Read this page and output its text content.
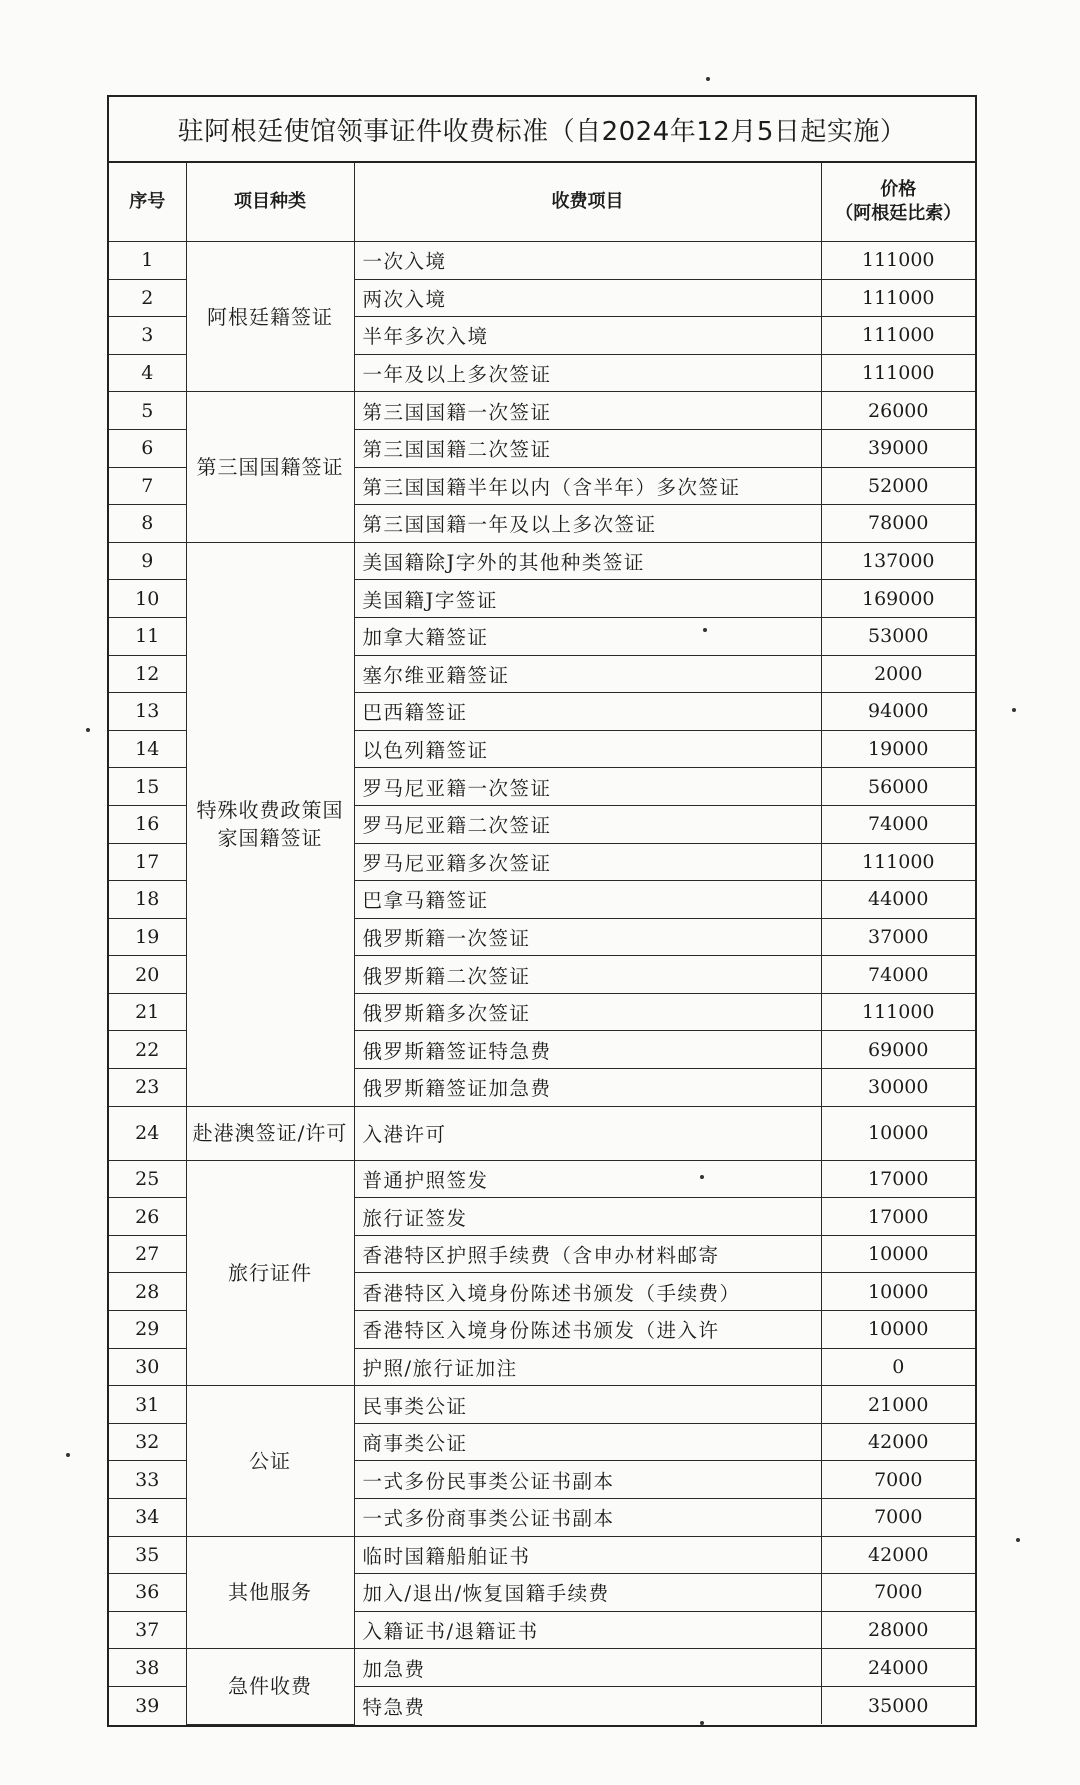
驻阿根廷使馆领事证件收费标准（自2024年12月5日起实施）
序号	项目种类	收费项目	价格
（阿根廷比索）

1	阿根廷籍签证	一次入境	111000
2		两次入境	111000
3		半年多次入境	111000
4		一年及以上多次签证	111000
5	第三国国籍签证	第三国国籍一次签证	26000
6		第三国国籍二次签证	39000
7		第三国国籍半年以内（含半年）多次签证	52000
8		第三国国籍一年及以上多次签证	78000
9	特殊收费政策国家国籍签证	美国籍除J字外的其他种类签证	137000
10		美国籍J字签证	169000
11		加拿大籍签证	53000
12		塞尔维亚籍签证	2000
13		巴西籍签证	94000
14		以色列籍签证	19000
15		罗马尼亚籍一次签证	56000
16		罗马尼亚籍二次签证	74000
17		罗马尼亚籍多次签证	111000
18		巴拿马籍签证	44000
19		俄罗斯籍一次签证	37000
20		俄罗斯籍二次签证	74000
21		俄罗斯籍多次签证	111000
22		俄罗斯籍签证特急费	69000
23		俄罗斯籍签证加急费	30000
24	赴港澳签证/许可	入港许可	10000
25	旅行证件	普通护照签发	17000
26		旅行证签发	17000
27		香港特区护照手续费（含申办材料邮寄	10000
28		香港特区入境身份陈述书颁发（手续费）	10000
29		香港特区入境身份陈述书颁发（进入许	10000
30		护照/旅行证加注	0
31	公证	民事类公证	21000
32		商事类公证	42000
33		一式多份民事类公证书副本	7000
34		一式多份商事类公证书副本	7000
35	其他服务	临时国籍船舶证书	42000
36		加入/退出/恢复国籍手续费	7000
37		入籍证书/退籍证书	28000
38	急件收费	加急费	24000
39		特急费	35000
